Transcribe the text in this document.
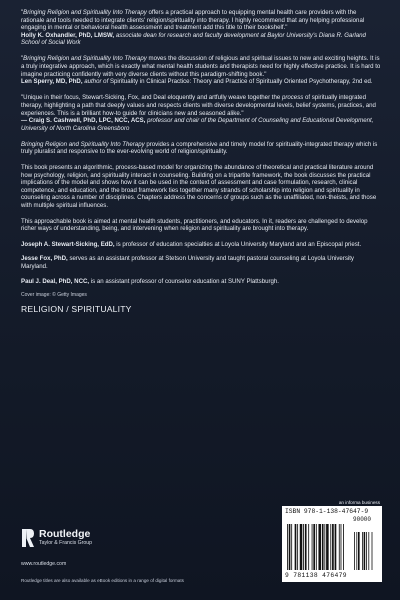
"Bringing Religion and Spirituality Into Therapy offers a practical approach to equipping mental health care providers with the rationale and tools needed to integrate clients' religion/spirituality into therapy. I highly recommend that any helping professional engaging in mental or behavioral health assessment and treatment add this title to their bookshelf."
Holly K. Oxhandler, PhD, LMSW, associate dean for research and faculty development at Baylor University's Diana R. Garland School of Social Work

"Bringing Religion and Spirituality Into Therapy moves the discussion of religious and spiritual issues to new and exciting heights. It is a truly integrative approach, which is exactly what mental health students and therapists need for highly effective practice. It is hard to imagine practicing confidently with very diverse clients without this paradigm-shifting book."
Len Sperry, MD, PhD, author of Spirituality in Clinical Practice: Theory and Practice of Spiritually Oriented Psychotherapy, 2nd ed.

"Unique in their focus, Stewart-Sicking, Fox, and Deal eloquently and artfully weave together the process of spiritually integrated therapy, highlighting a path that deeply values and respects clients with diverse developmental levels, belief systems, practices, and experiences. This is a brilliant how-to guide for clinicians new and seasoned alike."
— Craig S. Cashwell, PhD, LPC, NCC, ACS, professor and chair of the Department of Counseling and Educational Development, University of North Carolina Greensboro

Bringing Religion and Spirituality Into Therapy provides a comprehensive and timely model for spirituality-integrated therapy which is truly pluralist and responsive to the ever-evolving world of religion/spirituality.

This book presents an algorithmic, process-based model for organizing the abundance of theoretical and practical literature around how psychology, religion, and spirituality interact in counseling. Building on a tripartite framework, the book discusses the practical implications of the model and shows how it can be used in the context of assessment and case formulation, research, clinical competence, and education, and the broad framework ties together many strands of scholarship into religion and spirituality in counseling across a number of disciplines. Chapters address the concerns of groups such as the unaffiliated, non-theists, and those with multiple spiritual influences.

This approachable book is aimed at mental health students, practitioners, and educators. In it, readers are challenged to develop richer ways of understanding, being, and intervening when religion and spirituality are brought into therapy.

Joseph A. Stewart-Sicking, EdD, is professor of education specialties at Loyola University Maryland and an Episcopal priest.

Jesse Fox, PhD, serves as an assistant professor at Stetson University and taught pastoral counseling at Loyola University Maryland.

Paul J. Deal, PhD, NCC, is an assistant professor of counselor education at SUNY Plattsburgh.

Cover image: © Getty Images

RELIGION / SPIRITUALITY

Routledge
Taylor & Francis Group
www.routledge.com
Routledge titles are also available as eBook editions in a range of digital formats
an informa business
ISBN 978-1-138-47647-9
90000
9 781138 476479
